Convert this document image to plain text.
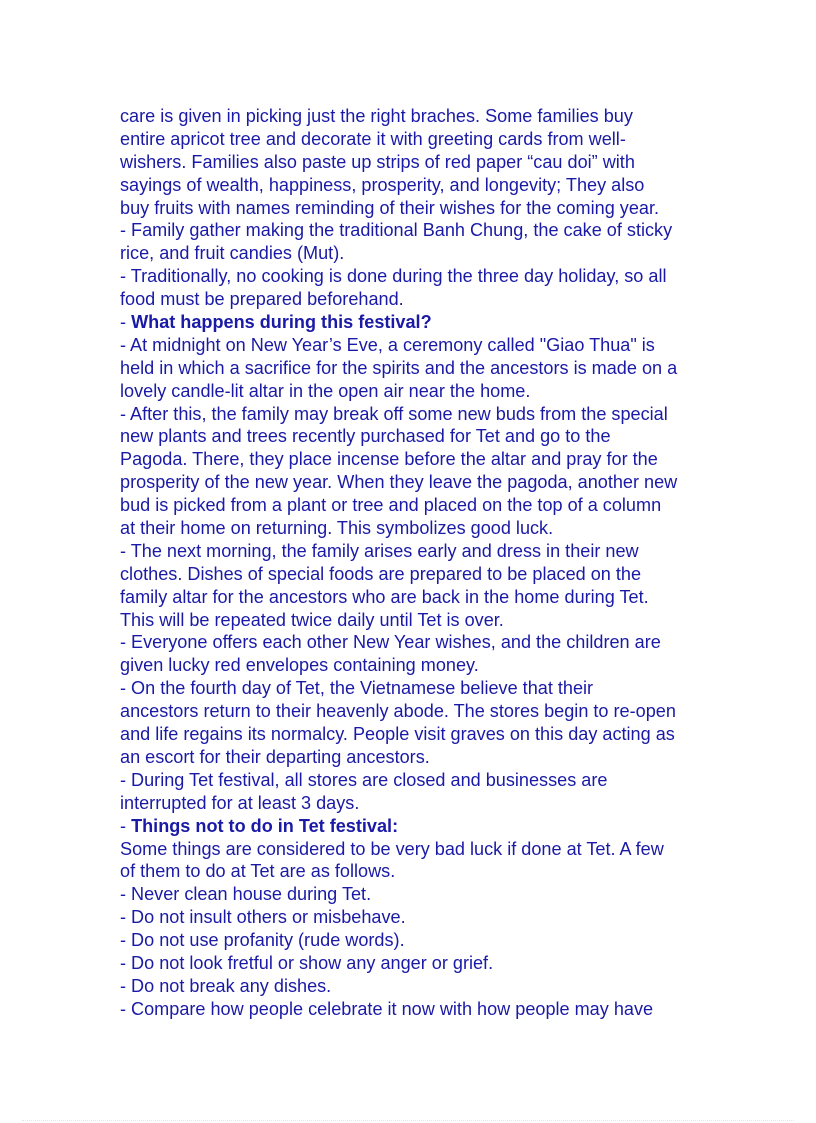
care is given in picking just the right braches. Some families buy
entire apricot tree and decorate it with greeting cards from well-
wishers. Families also paste up strips of red paper “cau doi” with
sayings of wealth, happiness, prosperity, and longevity; They also
buy fruits with names reminding of their wishes for the coming year.
- Family gather making the traditional Banh Chung, the cake of sticky
rice, and fruit candies (Mut).
- Traditionally, no cooking is done during the three day holiday, so all
food must be prepared beforehand.
- What happens during this festival?
- At midnight on New Year’s Eve, a ceremony called "Giao Thua" is
held in which a sacrifice for the spirits and the ancestors is made on a
lovely candle-lit altar in the open air near the home.
- After this, the family may break off some new buds from the special
new plants and trees recently purchased for Tet and go to the
Pagoda. There, they place incense before the altar and pray for the
prosperity of the new year. When they leave the pagoda, another new
bud is picked from a plant or tree and placed on the top of a column
at their home on returning. This symbolizes good luck.
- The next morning, the family arises early and dress in their new
clothes. Dishes of special foods are prepared to be placed on the
family altar for the ancestors who are back in the home during Tet.
This will be repeated twice daily until Tet is over.
- Everyone offers each other New Year wishes, and the children are
given lucky red envelopes containing money.
- On the fourth day of Tet, the Vietnamese believe that their
ancestors return to their heavenly abode. The stores begin to re-open
and life regains its normalcy. People visit graves on this day acting as
an escort for their departing ancestors.
- During Tet festival, all stores are closed and businesses are
interrupted for at least 3 days.
- Things not to do in Tet festival:
Some things are considered to be very bad luck if done at Tet. A few
of them to do at Tet are as follows.
- Never clean house during Tet.
- Do not insult others or misbehave.
- Do not use profanity (rude words).
- Do not look fretful or show any anger or grief.
- Do not break any dishes.
- Compare how people celebrate it now with how people may have
